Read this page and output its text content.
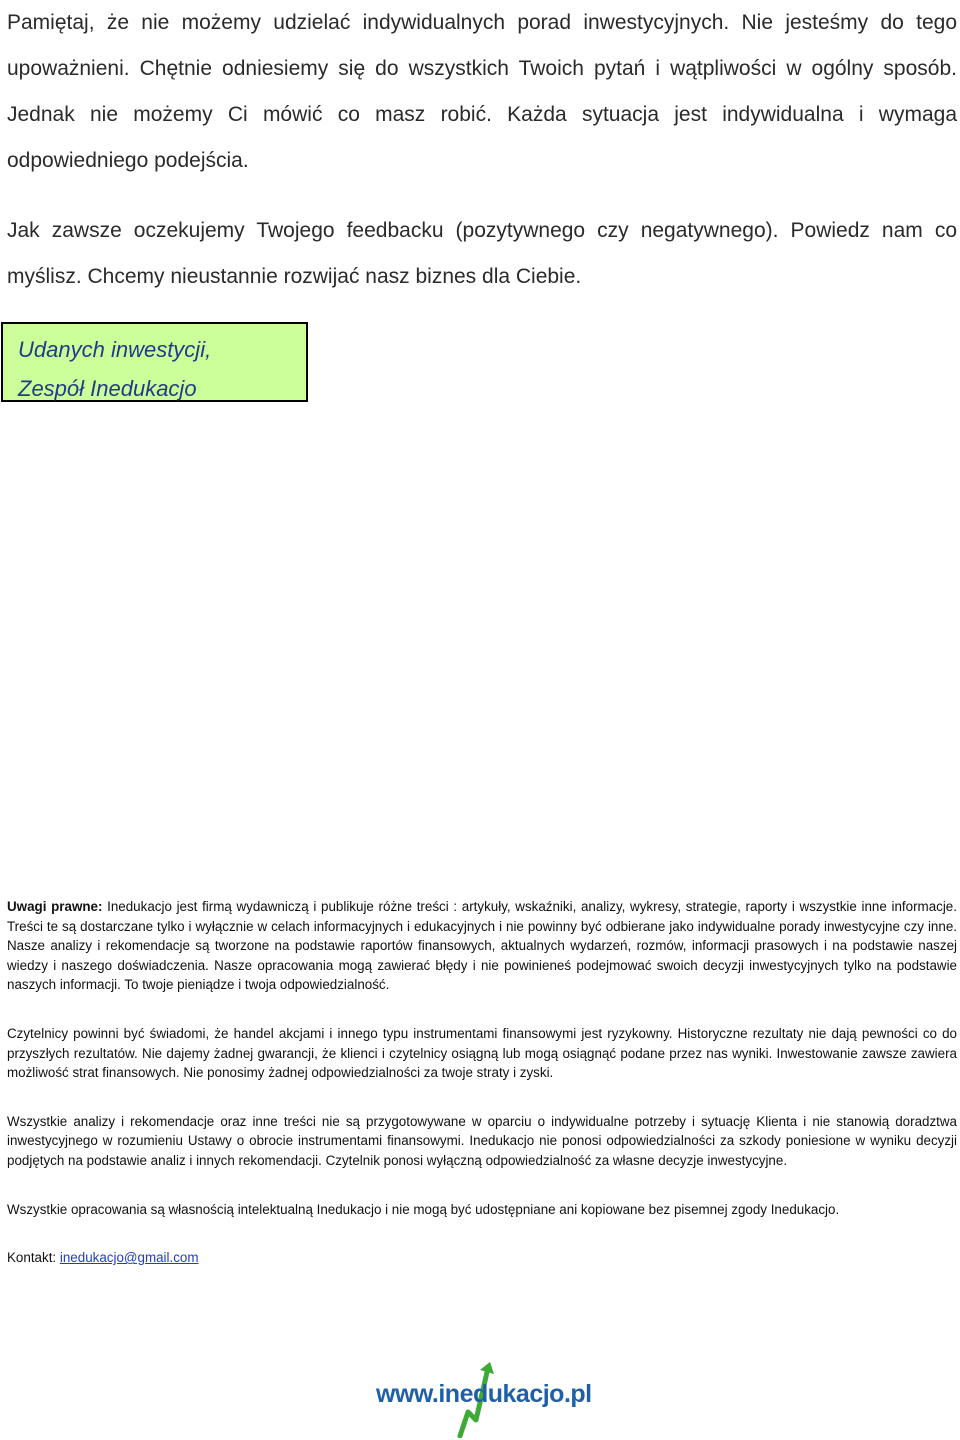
Pamiętaj, że nie możemy udzielać indywidualnych porad inwestycyjnych. Nie jesteśmy do tego upoważnieni. Chętnie odniesiemy się do wszystkich Twoich pytań i wątpliwości w ogólny sposób. Jednak nie możemy Ci mówić co masz robić. Każda sytuacja jest indywidualna i wymaga odpowiedniego podejścia.

Jak zawsze oczekujemy Twojego feedbacku (pozytywnego czy negatywnego). Powiedz nam co myślisz. Chcemy nieustannie rozwijać nasz biznes dla Ciebie.

Udanych inwestycji,
Zespół Inedukacjo

Uwagi prawne: Inedukacjo jest firmą wydawniczą i publikuje różne treści : artykuły, wskaźniki, analizy, wykresy, strategie, raporty i wszystkie inne informacje. Treści te są dostarczane tylko i wyłącznie w celach informacyjnych i edukacyjnych i nie powinny być odbierane jako indywidualne porady inwestycyjne czy inne. Nasze analizy i rekomendacje są tworzone na podstawie raportów finansowych, aktualnych wydarzeń, rozmów, informacji prasowych i na podstawie naszej wiedzy i naszego doświadczenia. Nasze opracowania mogą zawierać błędy i nie powinieneś podejmować swoich decyzji inwestycyjnych tylko na podstawie naszych informacji. To twoje pieniądze i twoja odpowiedzialność.

Czytelnicy powinni być świadomi, że handel akcjami i innego typu instrumentami finansowymi jest ryzykowny. Historyczne rezultaty nie dają pewności co do przyszłych rezultatów. Nie dajemy żadnej gwarancji, że klienci i czytelnicy osiągną lub mogą osiągnąć podane przez nas wyniki. Inwestowanie zawsze zawiera możliwość strat finansowych. Nie ponosimy żadnej odpowiedzialności za twoje straty i zyski.

Wszystkie analizy i rekomendacje oraz inne treści nie są przygotowywane w oparciu o indywidualne potrzeby i sytuację Klienta i nie stanowią doradztwa inwestycyjnego w rozumieniu Ustawy o obrocie instrumentami finansowymi. Inedukacjo nie ponosi odpowiedzialności za szkody poniesione w wyniku decyzji podjętych na podstawie analiz i innych rekomendacji. Czytelnik ponosi wyłączną odpowiedzialność za własne decyzje inwestycyjne.

Wszystkie opracowania są własnością intelektualną Inedukacjo i nie mogą być udostępniane ani kopiowane bez pisemnej zgody Inedukacjo.

Kontakt: inedukacjo@gmail.com

www.inedukacjo.pl
